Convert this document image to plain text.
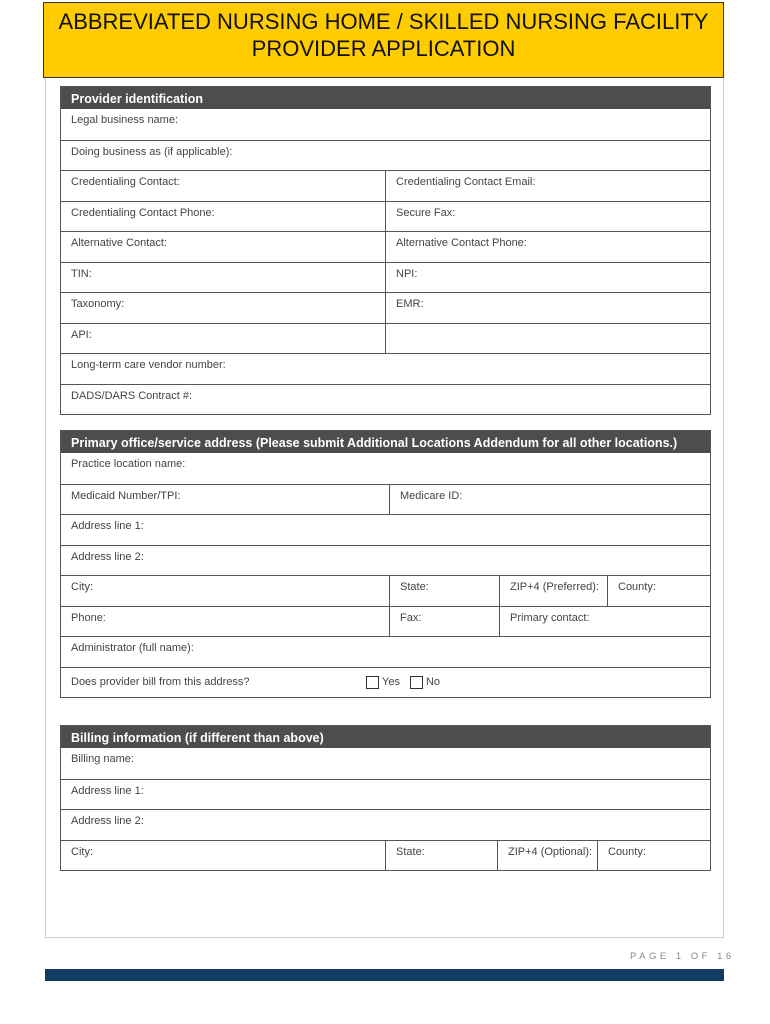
ABBREVIATED NURSING HOME / SKILLED NURSING FACILITY
PROVIDER APPLICATION
Provider identification
Legal business name:
Doing business as (if applicable):
Credentialing Contact:	Credentialing Contact Email:
Credentialing Contact Phone:	Secure Fax:
Alternative Contact:	Alternative Contact Phone:
TIN:	NPI:
Taxonomy:	EMR:
API:
Long-term care vendor number:
DADS/DARS Contract #:
Primary office/service address (Please submit Additional Locations Addendum for all other locations.)
Practice location name:
Medicaid Number/TPI:	Medicare ID:
Address line 1:
Address line 2:
City:	State:	ZIP+4 (Preferred):	County:
Phone:	Fax:	Primary contact:
Administrator (full name):
Does provider bill from this address?	Yes No
Billing information (if different than above)
Billing name:
Address line 1:
Address line 2:
City:	State:	ZIP+4 (Optional):	County:
PAGE 1 OF 16
